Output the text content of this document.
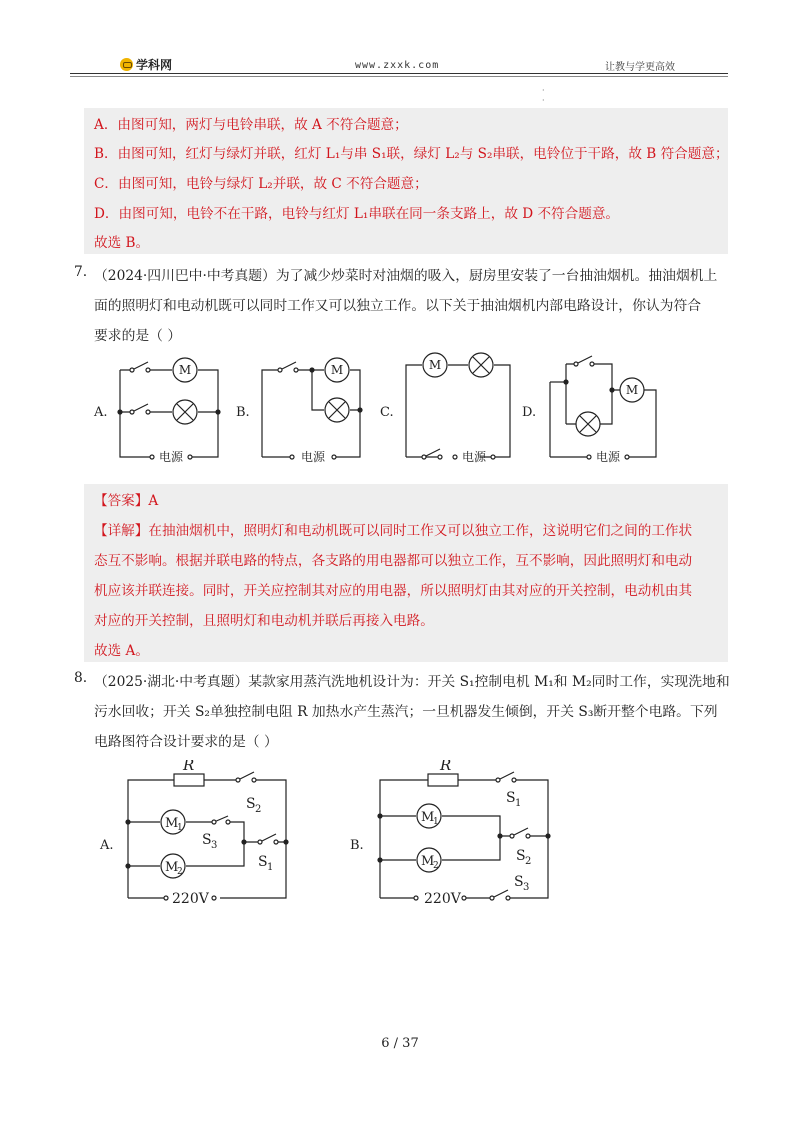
学科网	www.zxxk.com	让教与学更高效
·
·
A．由图可知，两灯与电铃串联，故 A 不符合题意；
B．由图可知，红灯与绿灯并联，红灯 L₁与串 S₁联，绿灯 L₂与 S₂串联，电铃位于干路，故 B 符合题意；
C．由图可知，电铃与绿灯 L₂并联，故 C 不符合题意；
D．由图可知，电铃不在干路，电铃与红灯 L₁串联在同一条支路上，故 D 不符合题意。
故选 B。
7. （2024·四川巴中·中考真题）为了减少炒菜时对油烟的吸入，厨房里安装了一台抽油烟机。抽油烟机上
面的照明灯和电动机既可以同时工作又可以独立工作。以下关于抽油烟机内部电路设计，你认为符合
要求的是（ ）
A.	B.	C.	D.
M
电源
M
电源
M
电源
M
电源
【答案】A
【详解】在抽油烟机中，照明灯和电动机既可以同时工作又可以独立工作，这说明它们之间的工作状
态互不影响。根据并联电路的特点，各支路的用电器都可以独立工作，互不影响，因此照明灯和电动
机应该并联连接。同时，开关应控制其对应的用电器，所以照明灯由其对应的开关控制，电动机由其
对应的开关控制，且照明灯和电动机并联后再接入电路。
故选 A。
8. （2025·湖北·中考真题）某款家用蒸汽洗地机设计为：开关 S₁控制电机 M₁和 M₂同时工作，实现洗地和
污水回收；开关 S₂单独控制电阻 R 加热水产生蒸汽；一旦机器发生倾倒，开关 S₃断开整个电路。下列
电路图符合设计要求的是（ ）
A.	B.
R
S 2
S 3
S 1
M
1
M
2
220V
R
S 1
S 2
S 3
M
1
M
2
220V
6 / 37
